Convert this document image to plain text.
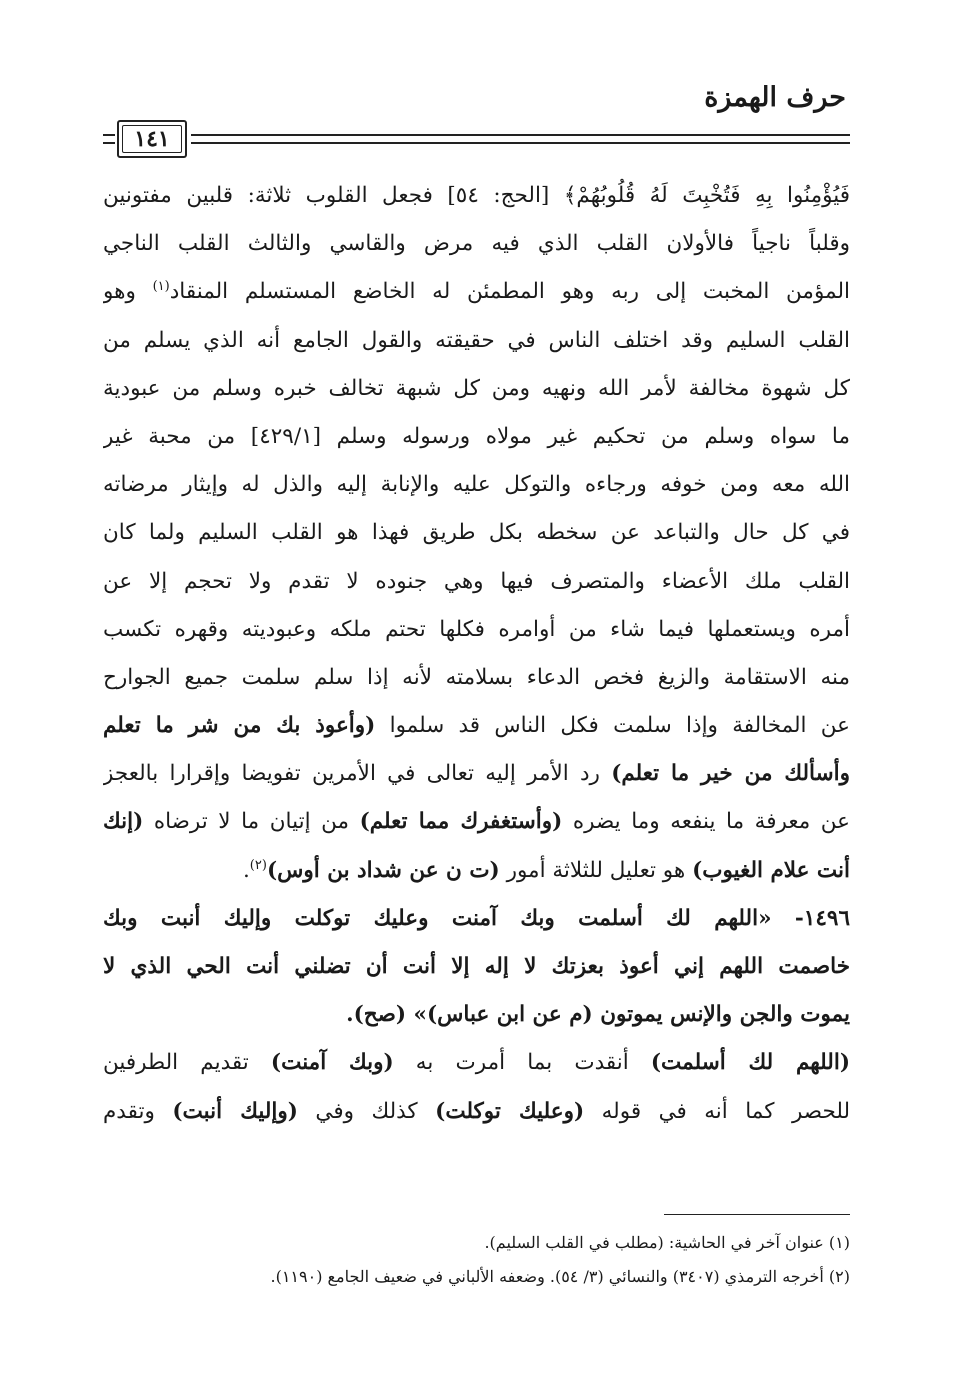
حرف الهمزة
١٤١
فَيُؤْمِنُوا بِهِ فَتُخْبِتَ لَهُ قُلُوبُهُمْ﴾ [الحج: ٥٤] فجعل القلوب ثلاثة: قلبين مفتونين
وقلباً ناجياً فالأولان القلب الذي فيه مرض والقاسي والثالث القلب الناجي
المؤمن المخبت إلى ربه وهو المطمئن له الخاضع المستسلم المنقاد$^{(١)}$ وهو
القلب السليم وقد اختلف الناس في حقيقته والقول الجامع أنه الذي يسلم من
كل شهوة مخالفة لأمر الله ونهيه ومن كل شبهة تخالف خبره وسلم من عبودية
ما سواه وسلم من تحكيم غير مولاه ورسوله وسلم [٤٢٩/١] من محبة غير
الله معه ومن خوفه ورجاءه والتوكل عليه والإنابة إليه والذل له وإيثار مرضاته
في كل حال والتباعد عن سخطه بكل طريق فهذا هو القلب السليم ولما كان
القلب ملك الأعضاء والمتصرف فيها وهي جنوده لا تقدم ولا تحجم إلا عن
أمره ويستعملها فيما شاء من أوامره فكلها تحتم ملكه وعبوديته وقهره تكسب
منه الاستقامة والزيغ فخص الدعاء بسلامته لأنه إذا سلم سلمت جميع الجوارح
عن المخالفة وإذا سلمت فكل الناس قد سلموا (وأعوذ بك من شر ما تعلم
وأسألك من خير ما تعلم) رد الأمر إليه تعالى في الأمرين تفويضا وإقرارا بالعجز
عن معرفة ما ينفعه وما يضره (وأستغفرك مما تعلم) من إتيان ما لا ترضاه (إنك
أنت علام الغيوب) هو تعليل للثلاثة أمور (ت ن عن شداد بن أوس)$^{(٢)}$.
١٤٩٦- «اللهم لك أسلمت وبك آمنت وعليك توكلت وإليك أنبت وبك
خاصمت اللهم إني أعوذ بعزتك لا إله إلا أنت أن تضلني أنت الحي الذي لا
يموت والجن والإنس يموتون (م عن ابن عباس)» (صح).
(اللهم لك أسلمت) أنقدت بما أمرت به (وبك آمنت) تقديم الطرفين
للحصر كما أنه في قوله (وعليك توكلت) كذلك وفي (وإليك أنبت) وتقدم
(١) عنوان آخر في الحاشية: (مطلب في القلب السليم).
(٢) أخرجه الترمذي (٣٤٠٧) والنسائي (٣/ ٥٤). وضعفه الألباني في ضعيف الجامع (١١٩٠).
